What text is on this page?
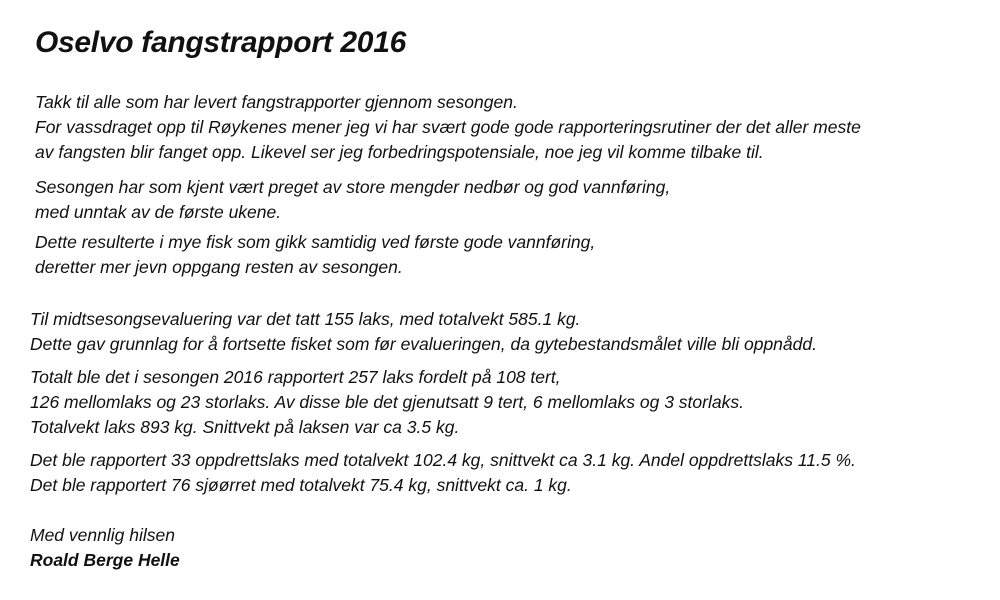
Oselvo fangstrapport 2016

Takk til alle som har levert fangstrapporter gjennom sesongen.
For vassdraget opp til Røykenes mener jeg vi har svært gode gode rapporteringsrutiner der det aller meste
av fangsten blir fanget opp. Likevel ser jeg forbedringspotensiale, noe jeg vil komme tilbake til.

Sesongen har som kjent vært preget av store mengder nedbør og god vannføring,
med unntak av de første ukene.

Dette resulterte i mye fisk som gikk samtidig ved første gode vannføring,
deretter mer jevn oppgang resten av sesongen.

Til midtsesongsevaluering var det tatt 155 laks, med totalvekt 585.1 kg.
Dette gav grunnlag for å fortsette fisket som før evalueringen, da gytebestandsmålet ville bli oppnådd.

Totalt ble det i sesongen 2016 rapportert 257 laks fordelt på 108 tert,
126 mellomlaks og 23 storlaks. Av disse ble det gjenutsatt 9 tert, 6 mellomlaks og 3 storlaks.
Totalvekt laks 893 kg. Snittvekt på laksen var ca 3.5 kg.

Det ble rapportert 33 oppdrettslaks med totalvekt 102.4 kg, snittvekt ca 3.1 kg. Andel oppdrettslaks 11.5 %.
Det ble rapportert 76 sjøørret med totalvekt 75.4 kg, snittvekt ca. 1 kg.

Med vennlig hilsen
Roald Berge Helle
